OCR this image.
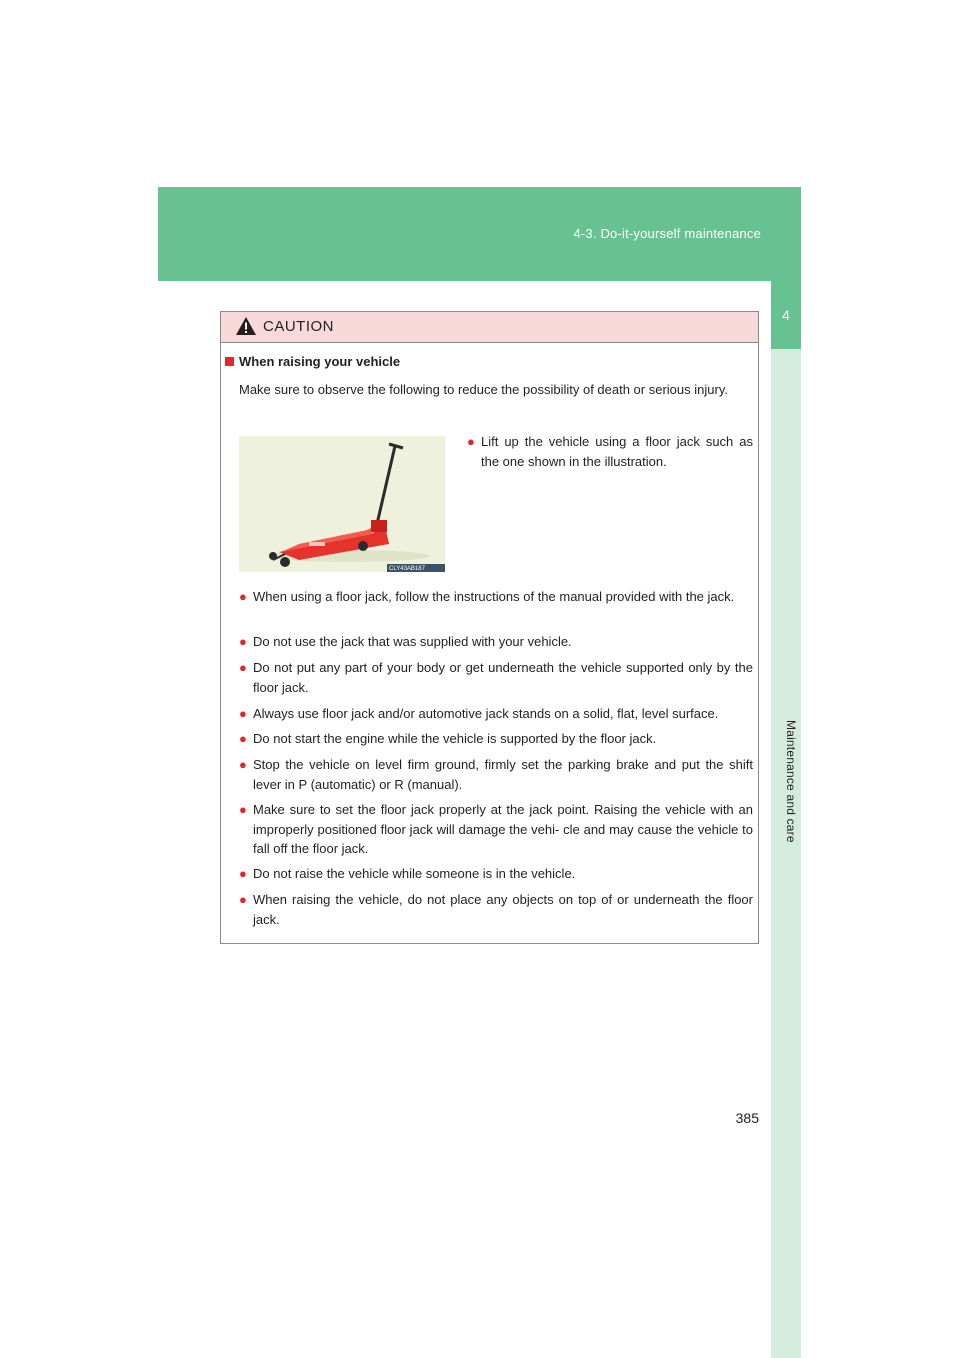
4-3. Do-it-yourself maintenance
4
Maintenance and care
CAUTION
When raising your vehicle
Make sure to observe the following to reduce the possibility of death or serious injury.
CLY43AB187
● Lift up the vehicle using a floor jack such as the one shown in the illustration.
● When using a floor jack, follow the instructions of the manual provided with the jack.
● Do not use the jack that was supplied with your vehicle.
● Do not put any part of your body or get underneath the vehicle supported only by the floor jack.
● Always use floor jack and/or automotive jack stands on a solid, flat, level surface.
● Do not start the engine while the vehicle is supported by the floor jack.
● Stop the vehicle on level firm ground, firmly set the parking brake and put the shift lever in P (automatic) or R (manual).
● Make sure to set the floor jack properly at the jack point. Raising the vehicle with an improperly positioned floor jack will damage the vehi- cle and may cause the vehicle to fall off the floor jack.
● Do not raise the vehicle while someone is in the vehicle.
● When raising the vehicle, do not place any objects on top of or underneath the floor jack.
385
